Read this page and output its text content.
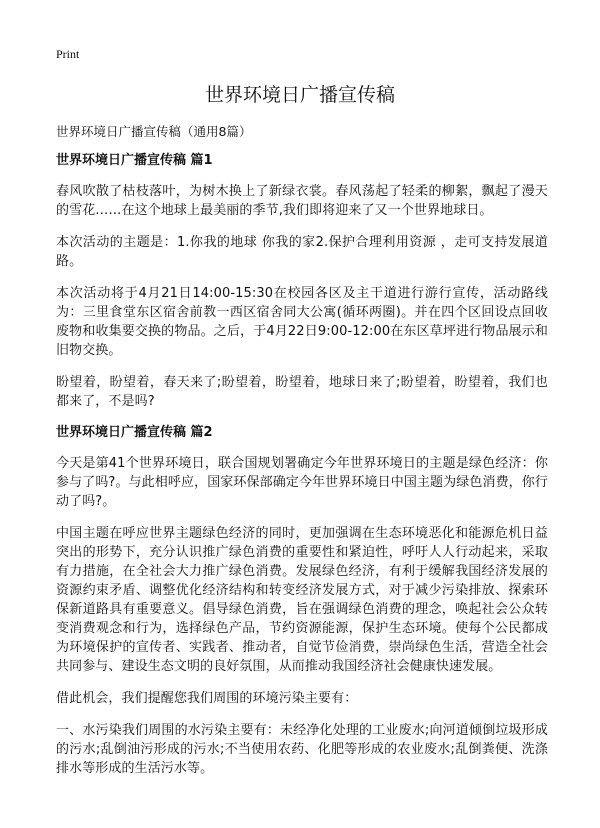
Print
世界环境日广播宣传稿

世界环境日广播宣传稿（通用8篇）

世界环境日广播宣传稿 篇1

春风吹散了枯枝落叶，为树木换上了新绿衣裳。春风荡起了轻柔的柳絮，飘起了漫天的雪花……在这个地球上最美丽的季节,我们即将迎来了又一个世界地球日。

本次活动的主题是：1.你我的地球 你我的家2.保护合理利用资源 ，走可支持发展道路。

本次活动将于4月21日14:00-15:30在校园各区及主干道进行游行宣传，活动路线为：三里食堂东区宿舍前教一西区宿舍同大公寓(循环两圈)。并在四个区回设点回收废物和收集要交换的物品。之后，于4月22日9:00-12:00在东区草坪进行物品展示和旧物交换。

盼望着，盼望着，春天来了;盼望着，盼望着，地球日来了;盼望着，盼望着，我们也都来了，不是吗?

世界环境日广播宣传稿 篇2

今天是第41个世界环境日，联合国规划署确定今年世界环境日的主题是绿色经济：你参与了吗?。与此相呼应，国家环保部确定今年世界环境日中国主题为绿色消费，你行动了吗?。

中国主题在呼应世界主题绿色经济的同时，更加强调在生态环境恶化和能源危机日益突出的形势下，充分认识推广绿色消费的重要性和紧迫性，呼吁人人行动起来，采取有力措施，在全社会大力推广绿色消费。发展绿色经济，有利于缓解我国经济发展的资源约束矛盾、调整优化经济结构和转变经济发展方式，对于减少污染排放、探索环保新道路具有重要意义。倡导绿色消费，旨在强调绿色消费的理念，唤起社会公众转变消费观念和行为，选择绿色产品，节约资源能源，保护生态环境。使每个公民都成为环境保护的宣传者、实践者、推动者，自觉节俭消费，崇尚绿色生活，营造全社会共同参与、建设生态文明的良好氛围，从而推动我国经济社会健康快速发展。

借此机会，我们提醒您我们周围的环境污染主要有：

一、水污染我们周围的水污染主要有：未经净化处理的工业废水;向河道倾倒垃圾形成的污水;乱倒油污形成的污水;不当使用农药、化肥等形成的农业废水;乱倒粪便、洗涤排水等形成的生活污水等。
